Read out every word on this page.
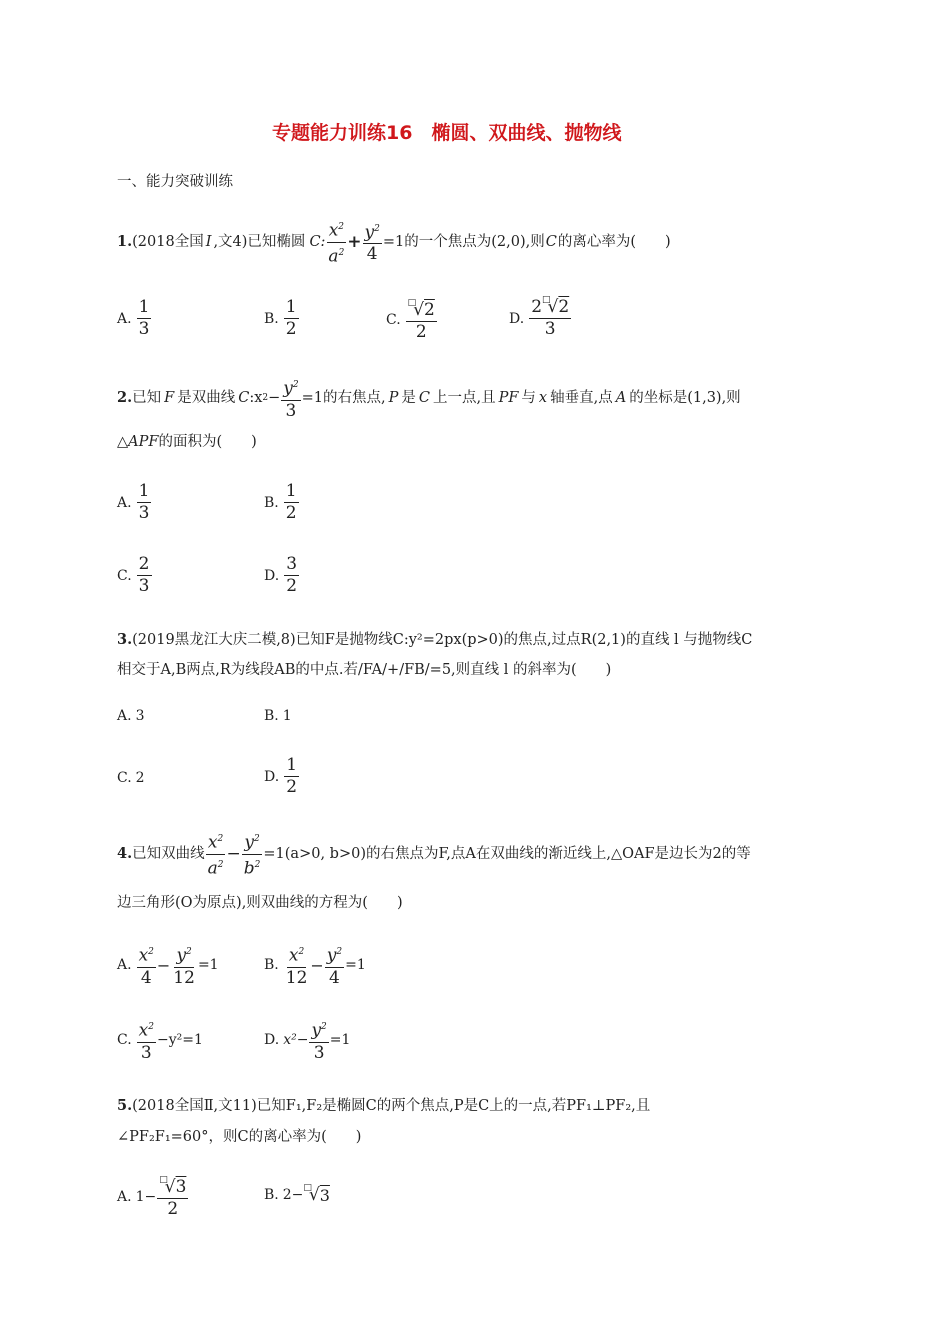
专题能力训练16　椭圆、双曲线、抛物线
一、能力突破训练
1. (2018全国 I ,文4)已知椭圆 C: $\frac{x^2}{a^2} + \frac{y^2}{4} =1$的一个焦点为(2,0),则 C 的离心率为(　　)
A. $\frac{1}{3}$	B. $\frac{1}{2}$	C. □
√ 2
2	D. 2 □
√ 2
3
2. 已知 F 是双曲线 C :x $2 - \frac{y^2}{3} =1$的右焦点, P 是 C 上一点,且 PF 与 x 轴垂直,点 A 的坐标是(1,3),则
△APF的面积为(　　)
A. $\frac{1}{3}$	B. $\frac{1}{2}$
C. $\frac{2}{3}$	D. $\frac{3}{2}$
3.(2019黑龙江大庆二模,8)已知F是抛物线C:y²=2px(p>0)的焦点,过点R(2,1)的直线 l 与抛物线C
相交于A,B两点,R为线段AB的中点.若/FA/+/FB/=5,则直线 l 的斜率为(　　)
A. 3	B. 1
C. 2	D. $\frac{1}{2}$
4. 已知双曲线 $\frac{x^2}{a^2} - \frac{y^2}{b^2} =1(a>0$, b>0)的右焦点为F,点A在双曲线的渐近线上,△OAF是边长为2的等
边三角形(O为原点),则双曲线的方程为(　　)
A. $\frac{x^2}{4} - \frac{y^2}{12} =1$	B. $\frac{x^2}{12} - \frac{y^2}{4} =1$
C. $\frac{x^2}{3} -y^2=1$	D. $x^2- \frac{y^2}{3} =1$
5.(2018全国Ⅱ,文11)已知F₁,F₂是椭圆C的两个焦点,P是C上的一点,若PF₁⊥PF₂,且
∠PF₂F₁=60°，则C的离心率为(　　)
A. 1− □
√ 3
2	B. 2− □
√ 3
